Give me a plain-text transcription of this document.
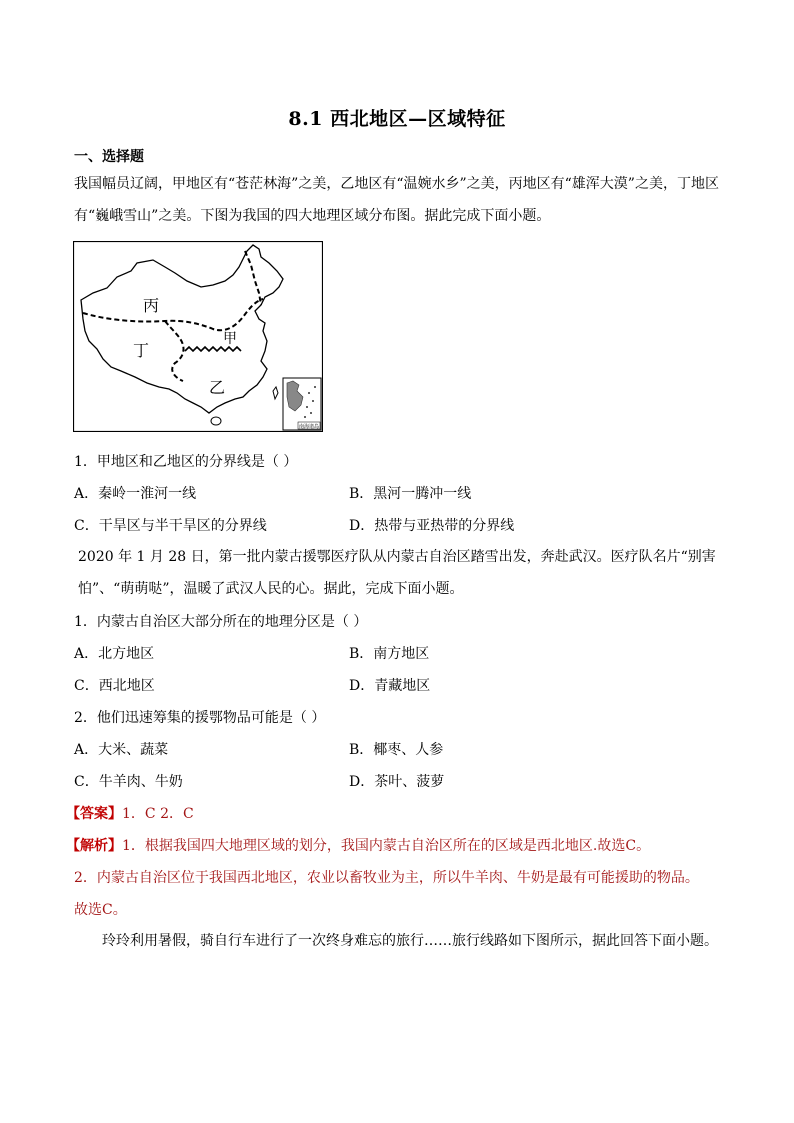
8.1 西北地区—区域特征
一、选择题
我国幅员辽阔，甲地区有“苍茫林海”之美，乙地区有“温婉水乡”之美，丙地区有“雄浑大漠”之美，丁地区有“巍峨雪山”之美。下图为我国的四大地理区域分布图。据此完成下面小题。
丙
甲
丁
乙
南海诸岛
1．甲地区和乙地区的分界线是（ ）
A．秦岭一淮河一线	B．黑河一腾冲一线
C．干旱区与半干旱区的分界线	D．热带与亚热带的分界线
2020 年 1 月 28 日，第一批内蒙古援鄂医疗队从内蒙古自治区踏雪出发，奔赴武汉。医疗队名片“别害怕”、“萌萌哒”，温暖了武汉人民的心。据此，完成下面小题。
1．内蒙古自治区大部分所在的地理分区是（ ）
A．北方地区	B．南方地区
C．西北地区	D．青藏地区
2．他们迅速筹集的援鄂物品可能是（ ）
A．大米、蔬菜	B．椰枣、人参
C．牛羊肉、牛奶	D．茶叶、菠萝
【答案】1．C 2．C
【解析】1．根据我国四大地理区域的划分，我国内蒙古自治区所在的区域是西北地区.故选C。
2．内蒙古自治区位于我国西北地区，农业以畜牧业为主，所以牛羊肉、牛奶是最有可能援助的物品。
故选C。
玲玲利用暑假，骑自行车进行了一次终身难忘的旅行……旅行线路如下图所示，据此回答下面小题。
